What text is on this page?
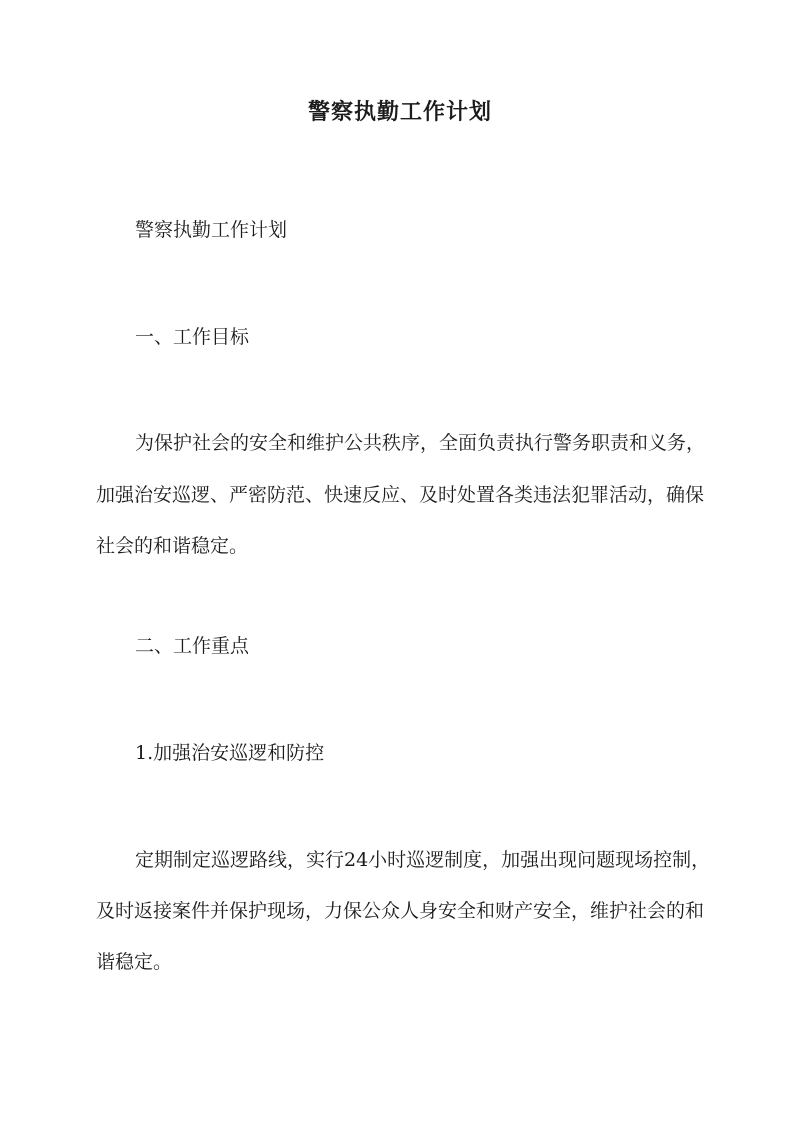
警察执勤工作计划

警察执勤工作计划

一、工作目标

为保护社会的安全和维护公共秩序，全面负责执行警务职责和义务，

加强治安巡逻、严密防范、快速反应、及时处置各类违法犯罪活动，确保

社会的和谐稳定。

二、工作重点

1.加强治安巡逻和防控

定期制定巡逻路线，实行24小时巡逻制度，加强出现问题现场控制，

及时返接案件并保护现场，力保公众人身安全和财产安全，维护社会的和

谐稳定。
